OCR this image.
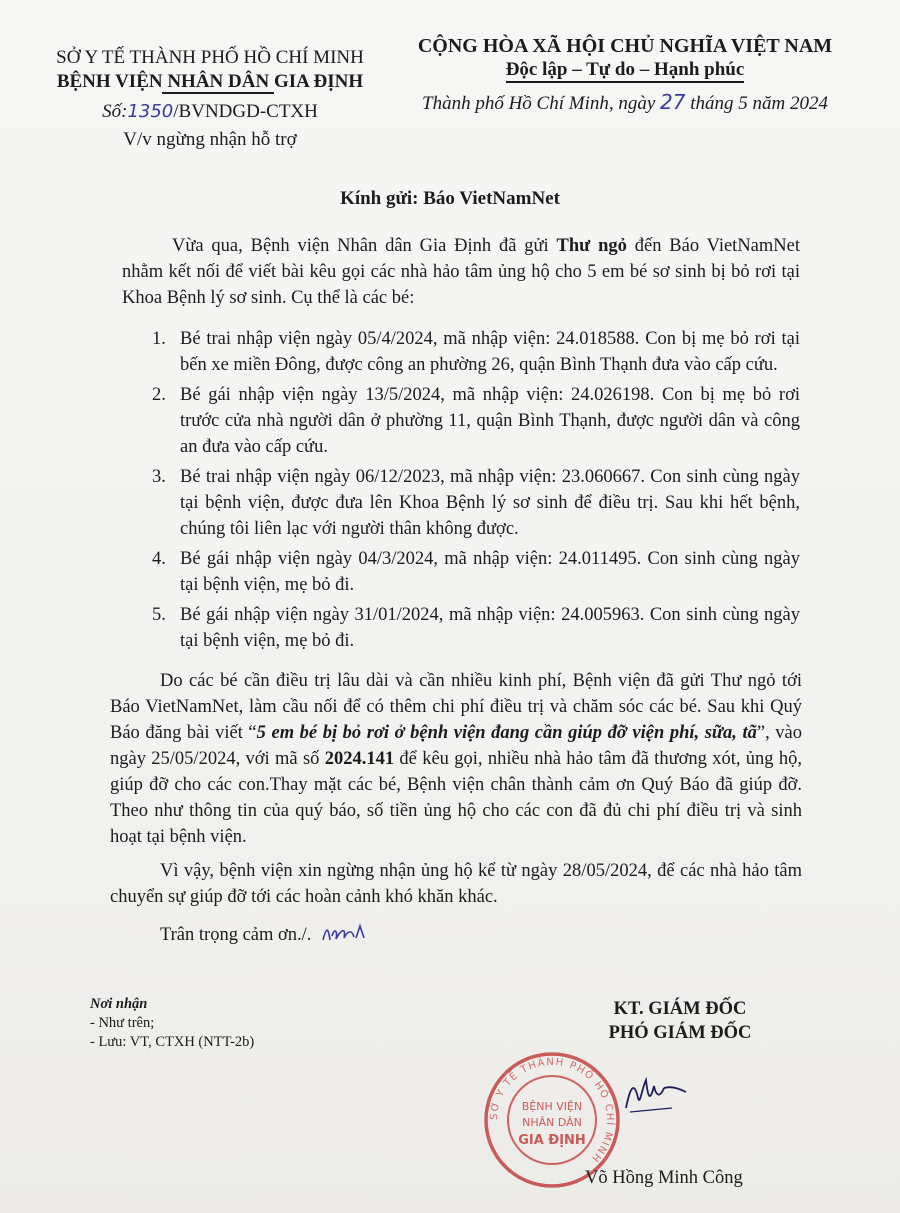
SỞ Y TẾ THÀNH PHỐ HỒ CHÍ MINH
BỆNH VIỆN NHÂN DÂN GIA ĐỊNH
Số:1350/BVNDGD-CTXH
V/v ngừng nhận hỗ trợ
CỘNG HÒA XÃ HỘI CHỦ NGHĨA VIỆT NAM
Độc lập – Tự do – Hạnh phúc
Thành phố Hồ Chí Minh, ngày 27 tháng 5 năm 2024
Kính gửi: Báo VietNamNet
Vừa qua, Bệnh viện Nhân dân Gia Định đã gửi Thư ngỏ đến Báo VietNamNet nhằm kết nối để viết bài kêu gọi các nhà hảo tâm ủng hộ cho 5 em bé sơ sinh bị bỏ rơi tại Khoa Bệnh lý sơ sinh. Cụ thể là các bé:
1. Bé trai nhập viện ngày 05/4/2024, mã nhập viện: 24.018588. Con bị mẹ bỏ rơi tại bến xe miền Đông, được công an phường 26, quận Bình Thạnh đưa vào cấp cứu.
2. Bé gái nhập viện ngày 13/5/2024, mã nhập viện: 24.026198. Con bị mẹ bỏ rơi trước cửa nhà người dân ở phường 11, quận Bình Thạnh, được người dân và công an đưa vào cấp cứu.
3. Bé trai nhập viện ngày 06/12/2023, mã nhập viện: 23.060667. Con sinh cùng ngày tại bệnh viện, được đưa lên Khoa Bệnh lý sơ sinh để điều trị. Sau khi hết bệnh, chúng tôi liên lạc với người thân không được.
4. Bé gái nhập viện ngày 04/3/2024, mã nhập viện: 24.011495. Con sinh cùng ngày tại bệnh viện, mẹ bỏ đi.
5. Bé gái nhập viện ngày 31/01/2024, mã nhập viện: 24.005963. Con sinh cùng ngày tại bệnh viện, mẹ bỏ đi.
Do các bé cần điều trị lâu dài và cần nhiều kinh phí, Bệnh viện đã gửi Thư ngỏ tới Báo VietNamNet, làm cầu nối để có thêm chi phí điều trị và chăm sóc các bé. Sau khi Quý Báo đăng bài viết “5 em bé bị bỏ rơi ở bệnh viện đang cần giúp đỡ viện phí, sữa, tã”, vào ngày 25/05/2024, với mã số 2024.141 để kêu gọi, nhiều nhà hảo tâm đã thương xót, ủng hộ, giúp đỡ cho các con.Thay mặt các bé, Bệnh viện chân thành cảm ơn Quý Báo đã giúp đỡ. Theo như thông tin của quý báo, số tiền ủng hộ cho các con đã đủ chi phí điều trị và sinh hoạt tại bệnh viện.
Vì vậy, bệnh viện xin ngừng nhận ủng hộ kể từ ngày 28/05/2024, để các nhà hảo tâm chuyển sự giúp đỡ tới các hoàn cảnh khó khăn khác.
Trân trọng cảm ơn./.
Nơi nhận
- Như trên;
- Lưu: VT, CTXH (NTT-2b)
KT. GIÁM ĐỐC
PHÓ GIÁM ĐỐC
SỞ Y TẾ THÀNH PHỐ HỒ CHÍ MINH
BỆNH VIỆN
NHÂN DÂN
GIA ĐỊNH
Võ Hồng Minh Công
